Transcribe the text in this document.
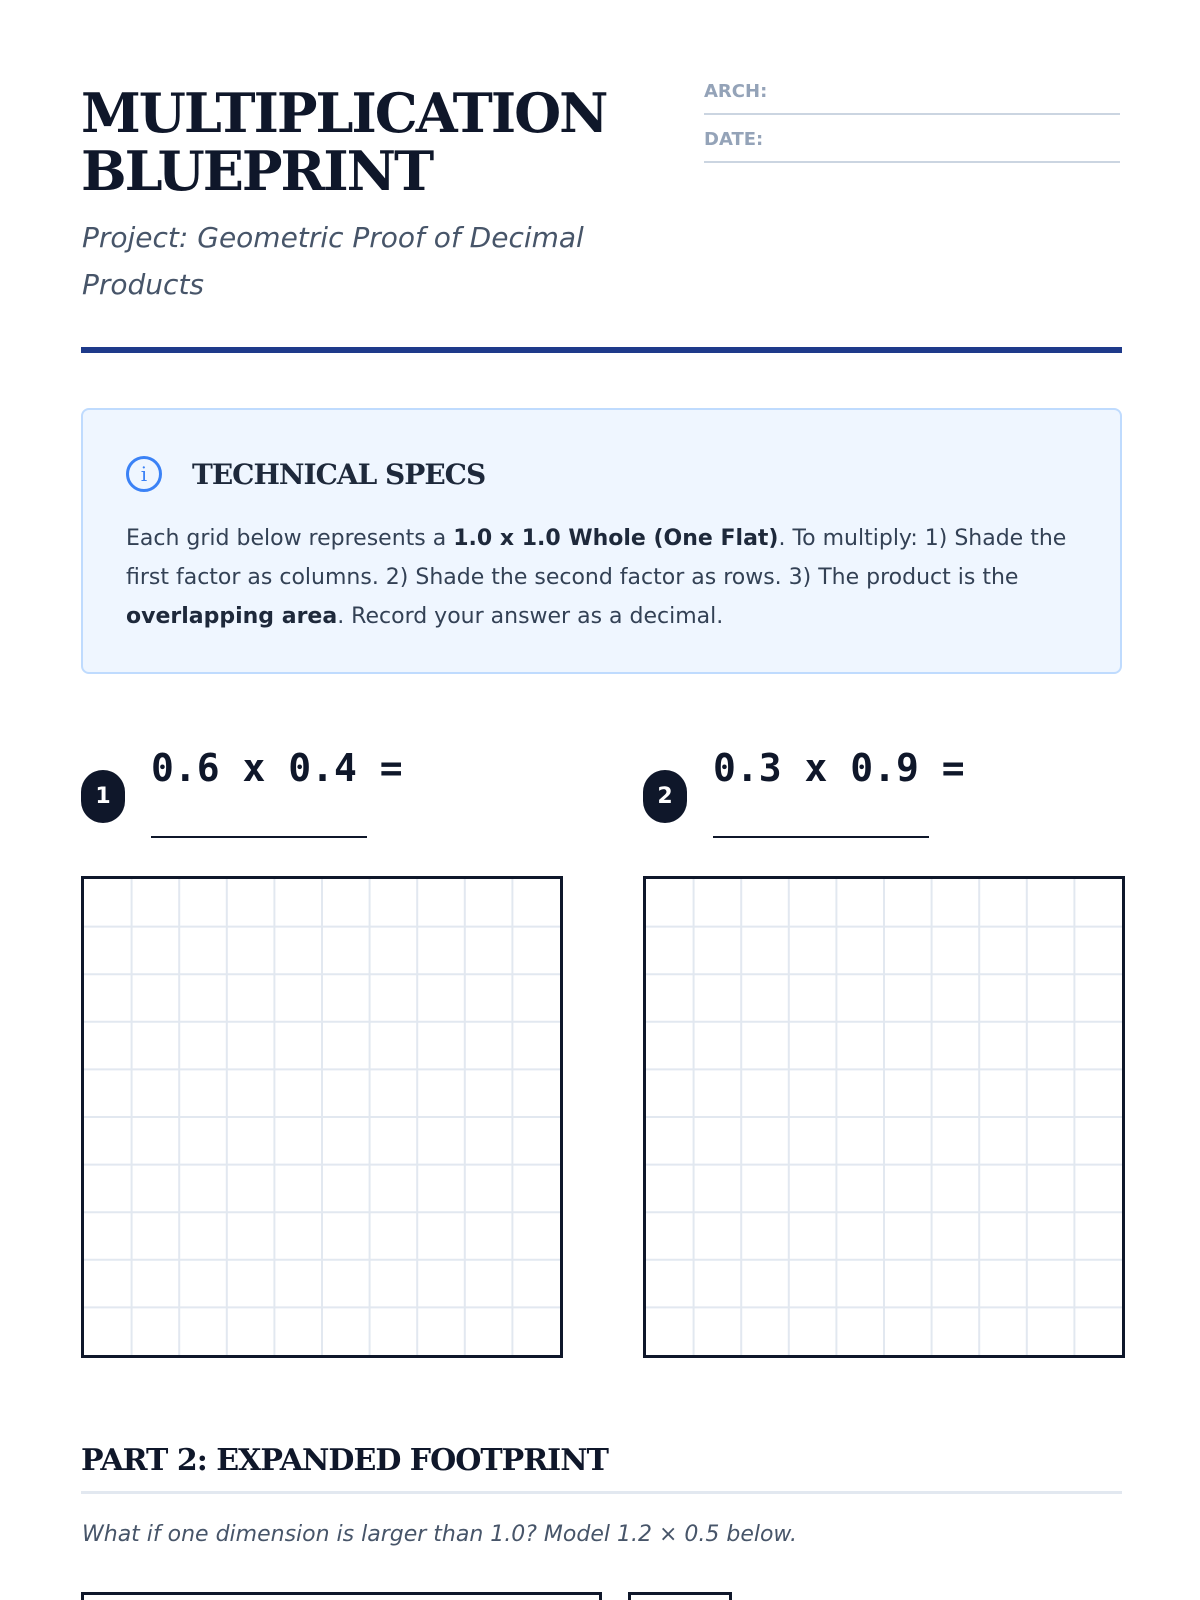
MULTIPLICATION BLUEPRINT
Project: Geometric Proof of Decimal Products
ARCH:
DATE:
i	TECHNICAL SPECS
Each grid below represents a 1.0 x 1.0 Whole (One Flat). To multiply: 1) Shade the first factor as columns. 2) Shade the second factor as rows. 3) The product is the overlapping area. Record your answer as a decimal.
1
0.6 x 0.4 =
2
0.3 x 0.9 =
PART 2: EXPANDED FOOTPRINT
What if one dimension is larger than 1.0? Model 1.2 × 0.5 below.
